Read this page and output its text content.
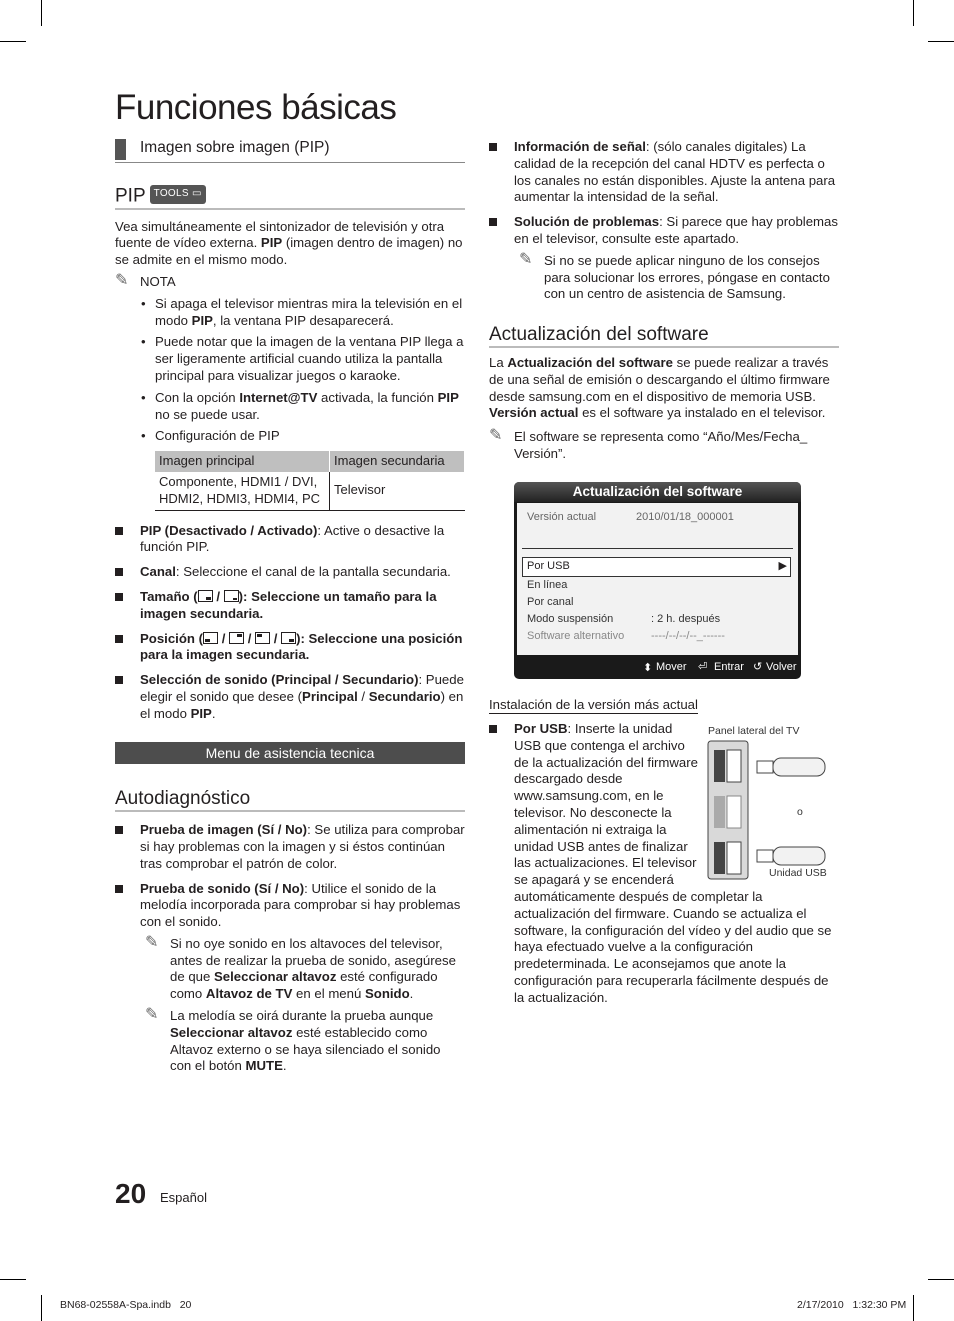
Funciones básicas
Imagen sobre imagen (PIP)
PIP TOOLS ▭

Vea simultáneamente el sintonizador de televisión y otra fuente de vídeo externa. PIP (imagen dentro de imagen) no se admite en el mismo modo.

✎ NOTA
• Si apaga el televisor mientras mira la televisión en el modo PIP, la ventana PIP desaparecerá.
• Puede notar que la imagen de la ventana PIP llega a ser ligeramente artificial cuando utiliza la pantalla principal para visualizar juegos o karaoke.
• Con la opción Internet@TV activada, la función PIP no se puede usar.
• Configuración de PIP
Imagen principal	Imagen secundaria
Componente, HDMI1 / DVI, HDMI2, HDMI3, HDMI4, PC	Televisor
PIP (Desactivado / Activado): Active o desactive la función PIP.
Canal: Seleccione el canal de la pantalla secundaria.
Tamaño ( / ): Seleccione un tamaño para la imagen secundaria.
Posición ( / / / ): Seleccione una posición para la imagen secundaria.
Selección de sonido (Principal / Secundario): Puede elegir el sonido que desee (Principal / Secundario) en el modo PIP.
Menu de asistencia tecnica
Autodiagnóstico
Prueba de imagen (Sí / No): Se utiliza para comprobar si hay problemas con la imagen y si éstos continúan tras comprobar el patrón de color.
Prueba de sonido (Sí / No): Utilice el sonido de la melodía incorporada para comprobar si hay problemas con el sonido.
✎ Si no oye sonido en los altavoces del televisor, antes de realizar la prueba de sonido, asegúrese de que Seleccionar altavoz esté configurado como Altavoz de TV en el menú Sonido.
✎ La melodía se oirá durante la prueba aunque Seleccionar altavoz esté establecido como Altavoz externo o se haya silenciado el sonido con el botón MUTE.
Información de señal: (sólo canales digitales) La calidad de la recepción del canal HDTV es perfecta o los canales no están disponibles. Ajuste la antena para aumentar la intensidad de la señal.
Solución de problemas: Si parece que hay problemas en el televisor, consulte este apartado.
✎ Si no se puede aplicar ninguno de los consejos para solucionar los errores, póngase en contacto con un centro de asistencia de Samsung.
Actualización del software

La Actualización del software se puede realizar a través de una señal de emisión o descargando el último firmware desde samsung.com en el dispositivo de memoria USB.
Versión actual es el software ya instalado en el televisor.

✎ El software se representa como “Año/Mes/Fecha_ Versión”.
Actualización del software
Versión actual	2010/01/18_000001
Por USB	▶
En línea
Por canal
Modo suspensión	: 2 h. después
Software alternativo ----/--/--/--_------
⬍ Mover ⏎ Entrar ↺ Volver
Instalación de la versión más actual
Por USB: Inserte la unidad USB que contenga el archivo de la actualización del firmware descargado desde www.samsung.com, en le televisor. No desconecte la alimentación ni extraiga la unidad USB antes de finalizar las actualizaciones. El televisor se apagará y se encenderá automáticamente después de completar la actualización del firmware. Cuando se actualiza el software, la configuración del vídeo y del audio que se haya efectuado vuelve a la configuración predeterminada. Le aconsejamos que anote la configuración para recuperarla fácilmente después de la actualización.
Panel lateral del TV
o
Unidad USB
20 Español
BN68-02558A-Spa.indb 20	2/17/2010 1:32:30 PM
